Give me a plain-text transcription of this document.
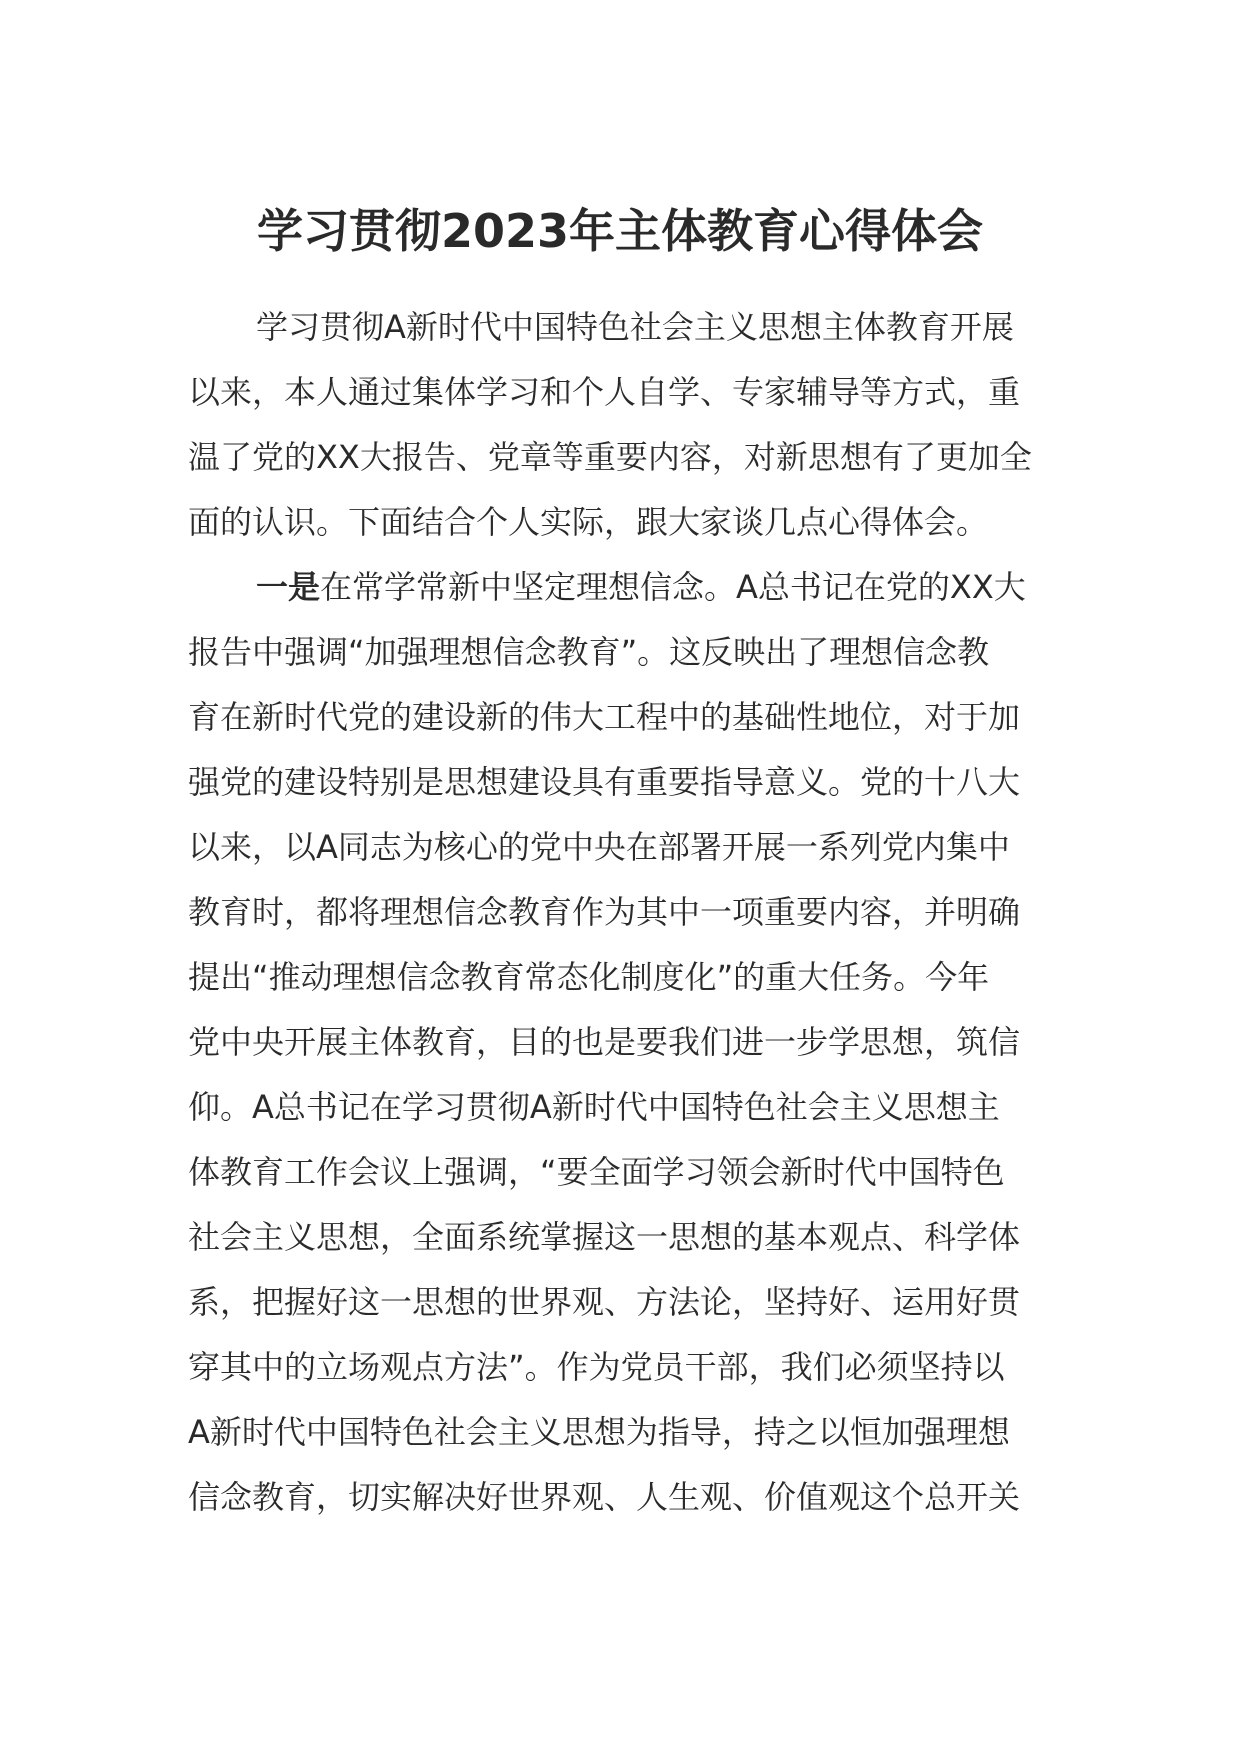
学习贯彻2023年主体教育心得体会
学习贯彻A新时代中国特色社会主义思想主体教育开展
以来，本人通过集体学习和个人自学、专家辅导等方式，重
温了党的XX大报告、党章等重要内容，对新思想有了更加全
面的认识。下面结合个人实际，跟大家谈几点心得体会。
一是在常学常新中坚定理想信念。A总书记在党的XX大
报告中强调“加强理想信念教育”。这反映出了理想信念教
育在新时代党的建设新的伟大工程中的基础性地位，对于加
强党的建设特别是思想建设具有重要指导意义。党的十八大
以来，以A同志为核心的党中央在部署开展一系列党内集中
教育时，都将理想信念教育作为其中一项重要内容，并明确
提出“推动理想信念教育常态化制度化”的重大任务。今年
党中央开展主体教育，目的也是要我们进一步学思想，筑信
仰。A总书记在学习贯彻A新时代中国特色社会主义思想主
体教育工作会议上强调，“要全面学习领会新时代中国特色
社会主义思想，全面系统掌握这一思想的基本观点、科学体
系，把握好这一思想的世界观、方法论，坚持好、运用好贯
穿其中的立场观点方法”。作为党员干部，我们必须坚持以
A新时代中国特色社会主义思想为指导，持之以恒加强理想
信念教育，切实解决好世界观、人生观、价值观这个总开关
